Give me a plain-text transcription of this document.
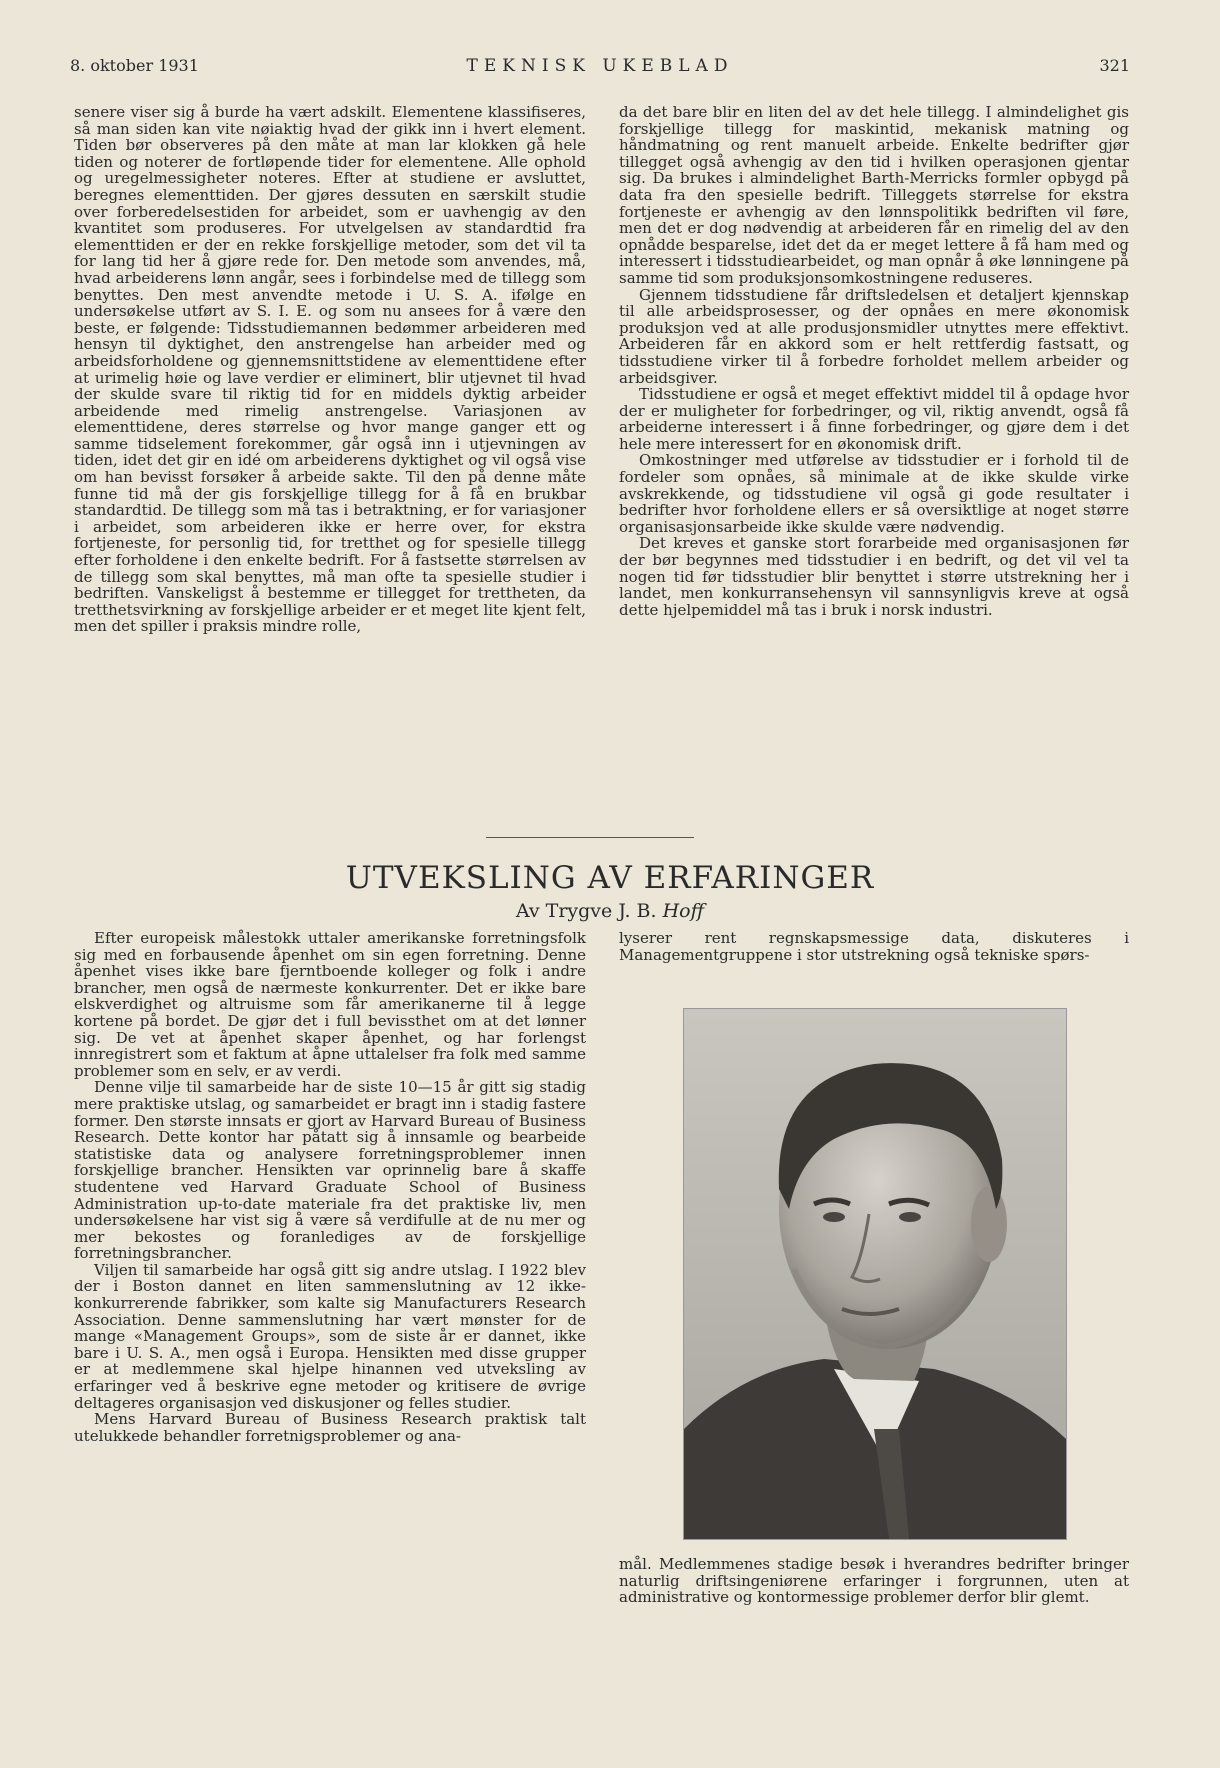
8. oktober 1931	TEKNISK UKEBLAD	321

senere viser sig å burde ha vært adskilt. Elementene klassifiseres, så man siden kan vite nøiaktig hvad der gikk inn i hvert element. Tiden bør observeres på den måte at man lar klokken gå hele tiden og noterer de fortløpende tider for elementene. Alle ophold og uregelmessigheter noteres. Efter at studiene er avsluttet, beregnes elementtiden. Der gjøres dessuten en særskilt studie over forberedelsestiden for arbeidet, som er uavhengig av den kvantitet som produseres. For utvelgelsen av standardtid fra elementtiden er der en rekke forskjellige metoder, som det vil ta for lang tid her å gjøre rede for. Den metode som anvendes, må, hvad arbeiderens lønn angår, sees i forbindelse med de tillegg som benyttes. Den mest anvendte metode i U. S. A. ifølge en undersøkelse utført av S. I. E. og som nu ansees for å være den beste, er følgende: Tidsstudiemannen bedømmer arbeideren med hensyn til dyktighet, den anstrengelse han arbeider med og arbeidsforholdene og gjennemsnittstidene av elementtidene efter at urimelig høie og lave verdier er eliminert, blir utjevnet til hvad der skulde svare til riktig tid for en middels dyktig arbeider arbeidende med rimelig anstrengelse. Variasjonen av elementtidene, deres størrelse og hvor mange ganger ett og samme tidselement forekommer, går også inn i utjevningen av tiden, idet det gir en idé om arbeiderens dyktighet og vil også vise om han bevisst forsøker å arbeide sakte. Til den på denne måte funne tid må der gis forskjellige tillegg for å få en brukbar standardtid. De tillegg som må tas i betraktning, er for variasjoner i arbeidet, som arbeideren ikke er herre over, for ekstra fortjeneste, for personlig tid, for tretthet og for spesielle tillegg efter forholdene i den enkelte bedrift. For å fastsette størrelsen av de tillegg som skal benyttes, må man ofte ta spesielle studier i bedriften. Vanskeligst å bestemme er tillegget for trettheten, da tretthetsvirkning av forskjellige arbeider er et meget lite kjent felt, men det spiller i praksis mindre rolle,

da det bare blir en liten del av det hele tillegg. I almindelighet gis forskjellige tillegg for maskintid, mekanisk matning og håndmatning og rent manuelt arbeide. Enkelte bedrifter gjør tillegget også avhengig av den tid i hvilken operasjonen gjentar sig. Da brukes i almindelighet Barth-Merricks formler opbygd på data fra den spesielle bedrift. Tilleggets størrelse for ekstra fortjeneste er avhengig av den lønnspolitikk bedriften vil føre, men det er dog nødvendig at arbeideren får en rimelig del av den opnådde besparelse, idet det da er meget lettere å få ham med og interessert i tidsstudiearbeidet, og man opnår å øke lønningene på samme tid som produksjonsomkostningene reduseres.

Gjennem tidsstudiene får driftsledelsen et detaljert kjennskap til alle arbeidsprosesser, og der opnåes en mere økonomisk produksjon ved at alle produsjonsmidler utnyttes mere effektivt. Arbeideren får en akkord som er helt rettferdig fastsatt, og tidsstudiene virker til å forbedre forholdet mellem arbeider og arbeidsgiver.

Tidsstudiene er også et meget effektivt middel til å opdage hvor der er muligheter for forbedringer, og vil, riktig anvendt, også få arbeiderne interessert i å finne forbedringer, og gjøre dem i det hele mere interessert for en økonomisk drift.

Omkostninger med utførelse av tidsstudier er i forhold til de fordeler som opnåes, så minimale at de ikke skulde virke avskrekkende, og tidsstudiene vil også gi gode resultater i bedrifter hvor forholdene ellers er så oversiktlige at noget større organisasjonsarbeide ikke skulde være nødvendig.

Det kreves et ganske stort forarbeide med organisasjonen før der bør begynnes med tidsstudier i en bedrift, og det vil vel ta nogen tid før tidsstudier blir benyttet i større utstrekning her i landet, men konkurransehensyn vil sannsynligvis kreve at også dette hjelpemiddel må tas i bruk i norsk industri.

UTVEKSLING AV ERFARINGER
Av Trygve J. B. Hoff

Efter europeisk målestokk uttaler amerikanske forretningsfolk sig med en forbausende åpenhet om sin egen forretning. Denne åpenhet vises ikke bare fjerntboende kolleger og folk i andre brancher, men også de nærmeste konkurrenter. Det er ikke bare elskverdighet og altruisme som får amerikanerne til å legge kortene på bordet. De gjør det i full bevissthet om at det lønner sig. De vet at åpenhet skaper åpenhet, og har forlengst innregistrert som et faktum at åpne uttalelser fra folk med samme problemer som en selv, er av verdi.

Denne vilje til samarbeide har de siste 10—15 år gitt sig stadig mere praktiske utslag, og samarbeidet er bragt inn i stadig fastere former. Den største innsats er gjort av Harvard Bureau of Business Research. Dette kontor har påtatt sig å innsamle og bearbeide statistiske data og analysere forretningsproblemer innen forskjellige brancher. Hensikten var oprinnelig bare å skaffe studentene ved Harvard Graduate School of Business Administration up-to-date materiale fra det praktiske liv, men undersøkelsene har vist sig å være så verdifulle at de nu mer og mer bekostes og foranlediges av de forskjellige forretningsbrancher.

Viljen til samarbeide har også gitt sig andre utslag. I 1922 blev der i Boston dannet en liten sammenslutning av 12 ikke-konkurrerende fabrikker, som kalte sig Manufacturers Research Association. Denne sammenslutning har vært mønster for de mange «Management Groups», som de siste år er dannet, ikke bare i U. S. A., men også i Europa. Hensikten med disse grupper er at medlemmene skal hjelpe hinannen ved utveksling av erfaringer ved å beskrive egne metoder og kritisere de øvrige deltageres organisasjon ved diskusjoner og felles studier.

Mens Harvard Bureau of Business Research praktisk talt utelukkede behandler forretnigsproblemer og ana-

lyserer rent regnskapsmessige data, diskuteres i Managementgruppene i stor utstrekning også tekniske spørs-

mål. Medlemmenes stadige besøk i hverandres bedrifter bringer naturlig driftsingeniørene erfaringer i forgrunnen, uten at administrative og kontormessige problemer derfor blir glemt.
